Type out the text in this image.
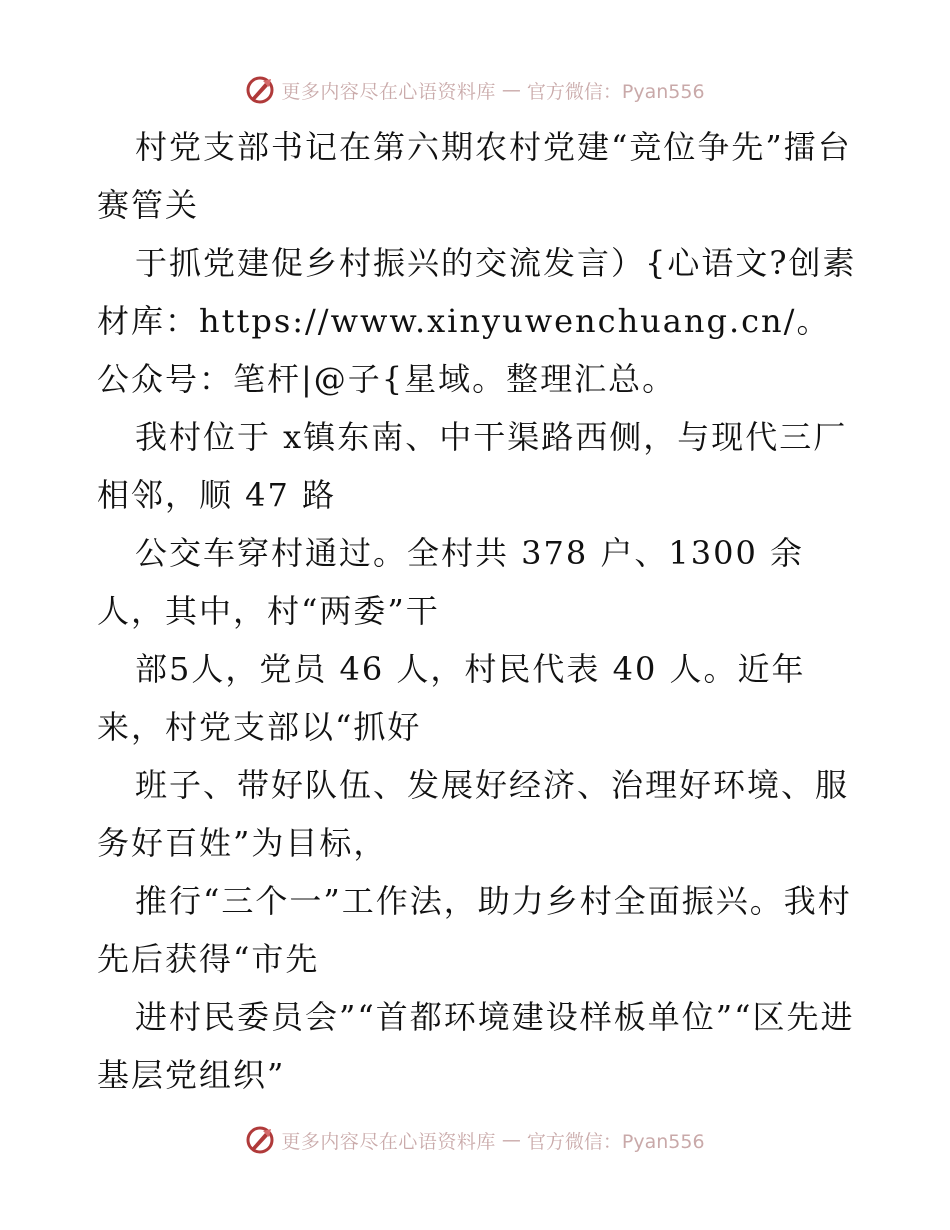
更多内容尽在心语资料库 — 官方微信：Pyan556

村党支部书记在第六期农村党建“竞位争先”擂台赛管关

于抓党建促乡村振兴的交流发言）{心语文?创素材库：https://www.xinyuwenchuang.cn/。公众号：笔杆|@子{星域。整理汇总。

我村位于 x镇东南、中干渠路西侧，与现代三厂相邻，顺 47 路

公交车穿村通过。全村共 378 户、1300 余人，其中，村“两委”干

部5人，党员 46 人，村民代表 40 人。近年来，村党支部以“抓好

班子、带好队伍、发展好经济、治理好环境、服务好百姓”为目标，

推行“三个一”工作法，助力乡村全面振兴。我村先后获得“市先

进村民委员会”“首都环境建设样板单位”“区先进基层党组织”

更多内容尽在心语资料库 — 官方微信：Pyan556
